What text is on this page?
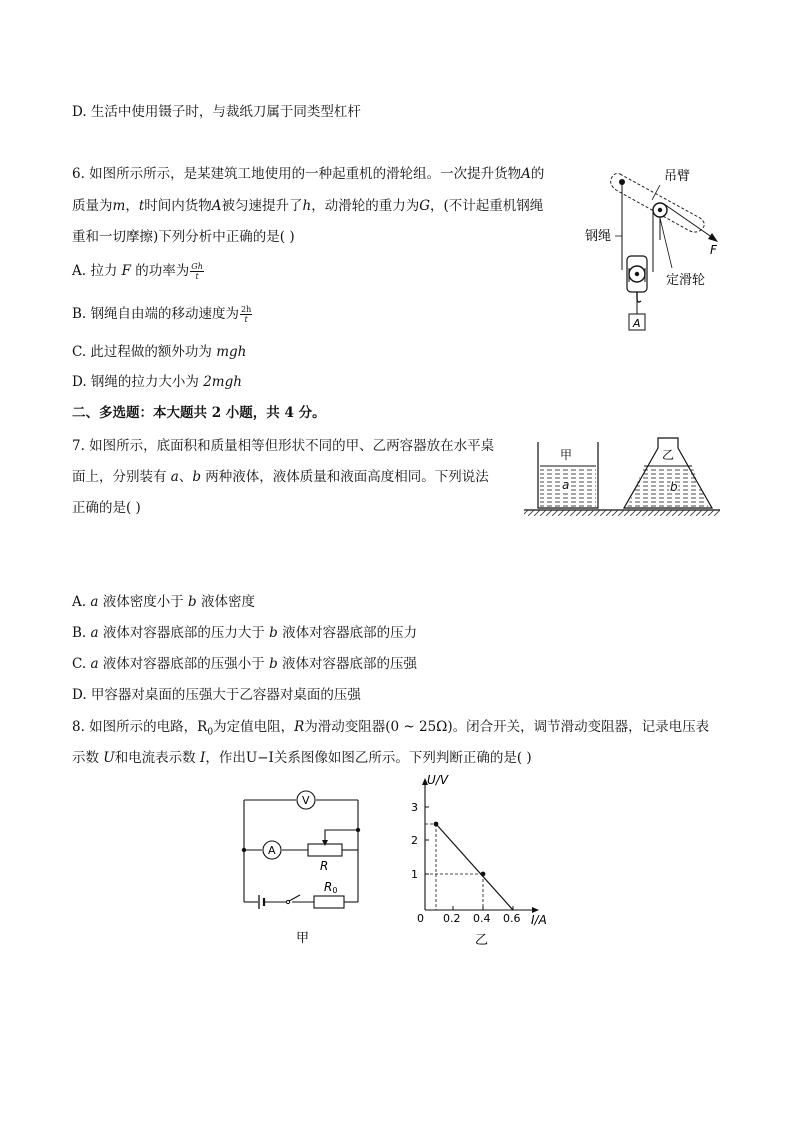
D. 生活中使用镊子时，与裁纸刀属于同类型杠杆
6. 如图所示所示，是某建筑工地使用的一种起重机的滑轮组。一次提升货物A的
质量为m，t时间内货物A被匀速提升了h，动滑轮的重力为G，(不计起重机钢绳
重和一切摩擦)下列分析中正确的是( )
A. 拉力 F 的功率为 $\frac{Gh}{t}$
B. 钢绳自由端的移动速度为 $\frac{2h}{t}$
C. 此过程做的额外功为 mgh
D. 钢绳的拉力大小为 2mgh
吊臂
F
钢绳
定滑轮
A
二、多选题：本大题共 2 小题，共 4 分。
7. 如图所示，底面积和质量相等但形状不同的甲、乙两容器放在水平桌
面上，分别装有 a、b 两种液体，液体质量和液面高度相同。下列说法
正确的是( )
甲
a
乙
b
A. a 液体密度小于 b 液体密度
B. a 液体对容器底部的压力大于 b 液体对容器底部的压力
C. a 液体对容器底部的压强小于 b 液体对容器底部的压强
D. 甲容器对桌面的压强大于乙容器对桌面的压强
8. 如图所示的电路，$R_0$为定值电阻，R为滑动变阻器(0 ~ 25Ω)。闭合开关，调节滑动变阻器，记录电压表
示数 U和电流表示数 I，作出U−I关系图像如图乙所示。下列判断正确的是( )
V
A
R
R0
甲
U/V
I/A
0
1
2
3
0.2 0.4 0.6
乙
